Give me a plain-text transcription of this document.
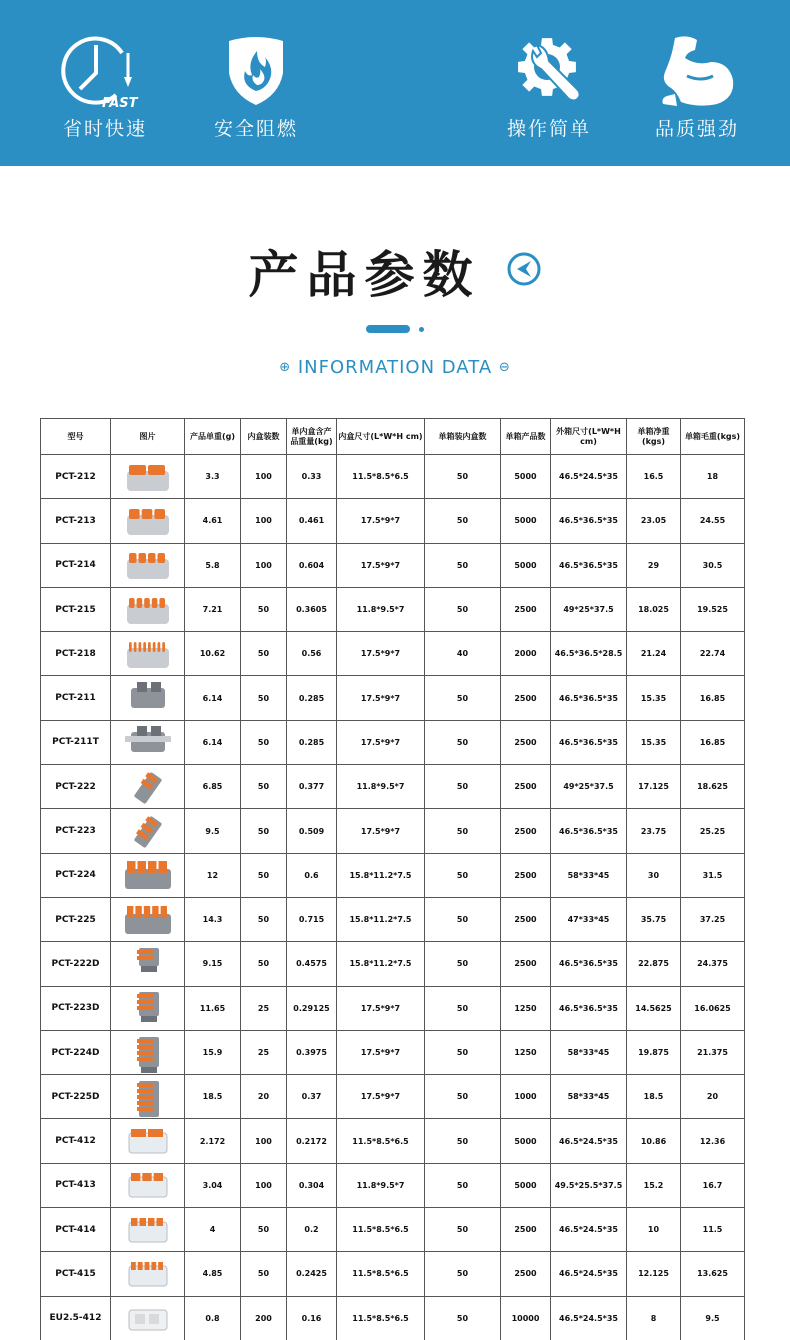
FAST
省时快速	安全阻燃	操作简单	品质强劲
产品参数
⊕ INFORMATION DATA ⊖
型号	图片	产品单重(g)	内盒装数	单内盒含产品重量(kg)	内盒尺寸(L*W*H cm)	单箱装内盒数	单箱产品数	外箱尺寸(L*W*H cm)	单箱净重(kgs)	单箱毛重(kgs)
PCT-212		3.3	100	0.33	11.5*8.5*6.5	50	5000	46.5*24.5*35	16.5	18
PCT-213		4.61	100	0.461	17.5*9*7	50	5000	46.5*36.5*35	23.05	24.55
PCT-214		5.8	100	0.604	17.5*9*7	50	5000	46.5*36.5*35	29	30.5
PCT-215		7.21	50	0.3605	11.8*9.5*7	50	2500	49*25*37.5	18.025	19.525
PCT-218		10.62	50	0.56	17.5*9*7	40	2000	46.5*36.5*28.5	21.24	22.74
PCT-211		6.14	50	0.285	17.5*9*7	50	2500	46.5*36.5*35	15.35	16.85
PCT-211T		6.14	50	0.285	17.5*9*7	50	2500	46.5*36.5*35	15.35	16.85
PCT-222		6.85	50	0.377	11.8*9.5*7	50	2500	49*25*37.5	17.125	18.625
PCT-223		9.5	50	0.509	17.5*9*7	50	2500	46.5*36.5*35	23.75	25.25
PCT-224		12	50	0.6	15.8*11.2*7.5	50	2500	58*33*45	30	31.5
PCT-225		14.3	50	0.715	15.8*11.2*7.5	50	2500	47*33*45	35.75	37.25
PCT-222D		9.15	50	0.4575	15.8*11.2*7.5	50	2500	46.5*36.5*35	22.875	24.375
PCT-223D		11.65	25	0.29125	17.5*9*7	50	1250	46.5*36.5*35	14.5625	16.0625
PCT-224D		15.9	25	0.3975	17.5*9*7	50	1250	58*33*45	19.875	21.375
PCT-225D		18.5	20	0.37	17.5*9*7	50	1000	58*33*45	18.5	20
PCT-412		2.172	100	0.2172	11.5*8.5*6.5	50	5000	46.5*24.5*35	10.86	12.36
PCT-413		3.04	100	0.304	11.8*9.5*7	50	5000	49.5*25.5*37.5	15.2	16.7
PCT-414		4	50	0.2	11.5*8.5*6.5	50	2500	46.5*24.5*35	10	11.5
PCT-415		4.85	50	0.2425	11.5*8.5*6.5	50	2500	46.5*24.5*35	12.125	13.625
EU2.5-412		0.8	200	0.16	11.5*8.5*6.5	50	10000	46.5*24.5*35	8	9.5
